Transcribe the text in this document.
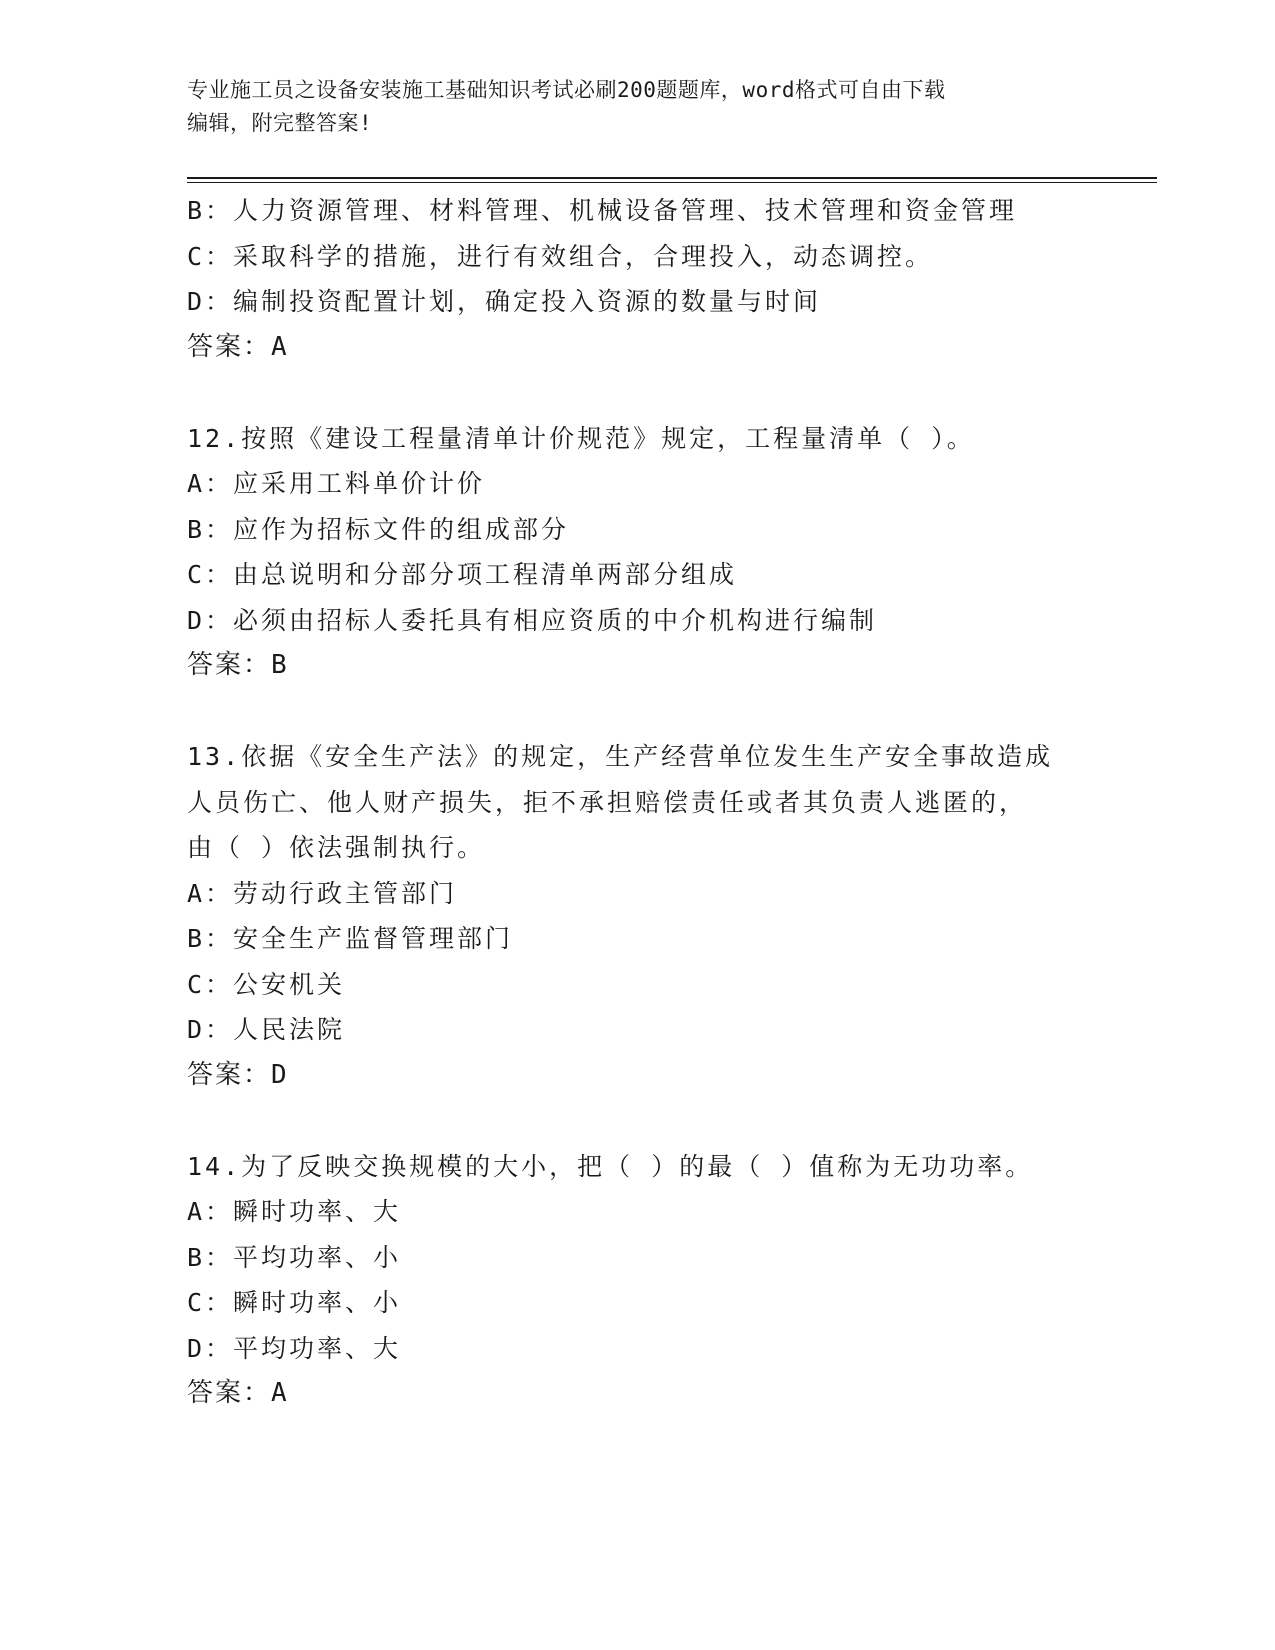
专业施工员之设备安装施工基础知识考试必刷200题题库，word格式可自由下载
编辑，附完整答案!
B：人力资源管理、材料管理、机械设备管理、技术管理和资金管理
C：采取科学的措施，进行有效组合，合理投入，动态调控。
D：编制投资配置计划，确定投入资源的数量与时间
答案：A
12.按照《建设工程量清单计价规范》规定，工程量清单（ ）。
A：应采用工料单价计价
B：应作为招标文件的组成部分
C：由总说明和分部分项工程清单两部分组成
D：必须由招标人委托具有相应资质的中介机构进行编制
答案：B
13.依据《安全生产法》的规定，生产经营单位发生生产安全事故造成
人员伤亡、他人财产损失，拒不承担赔偿责任或者其负责人逃匿的，
由（ ）依法强制执行。
A：劳动行政主管部门
B：安全生产监督管理部门
C：公安机关
D：人民法院
答案：D
14.为了反映交换规模的大小，把（ ）的最（ ）值称为无功功率。
A：瞬时功率、大
B：平均功率、小
C：瞬时功率、小
D：平均功率、大
答案：A
